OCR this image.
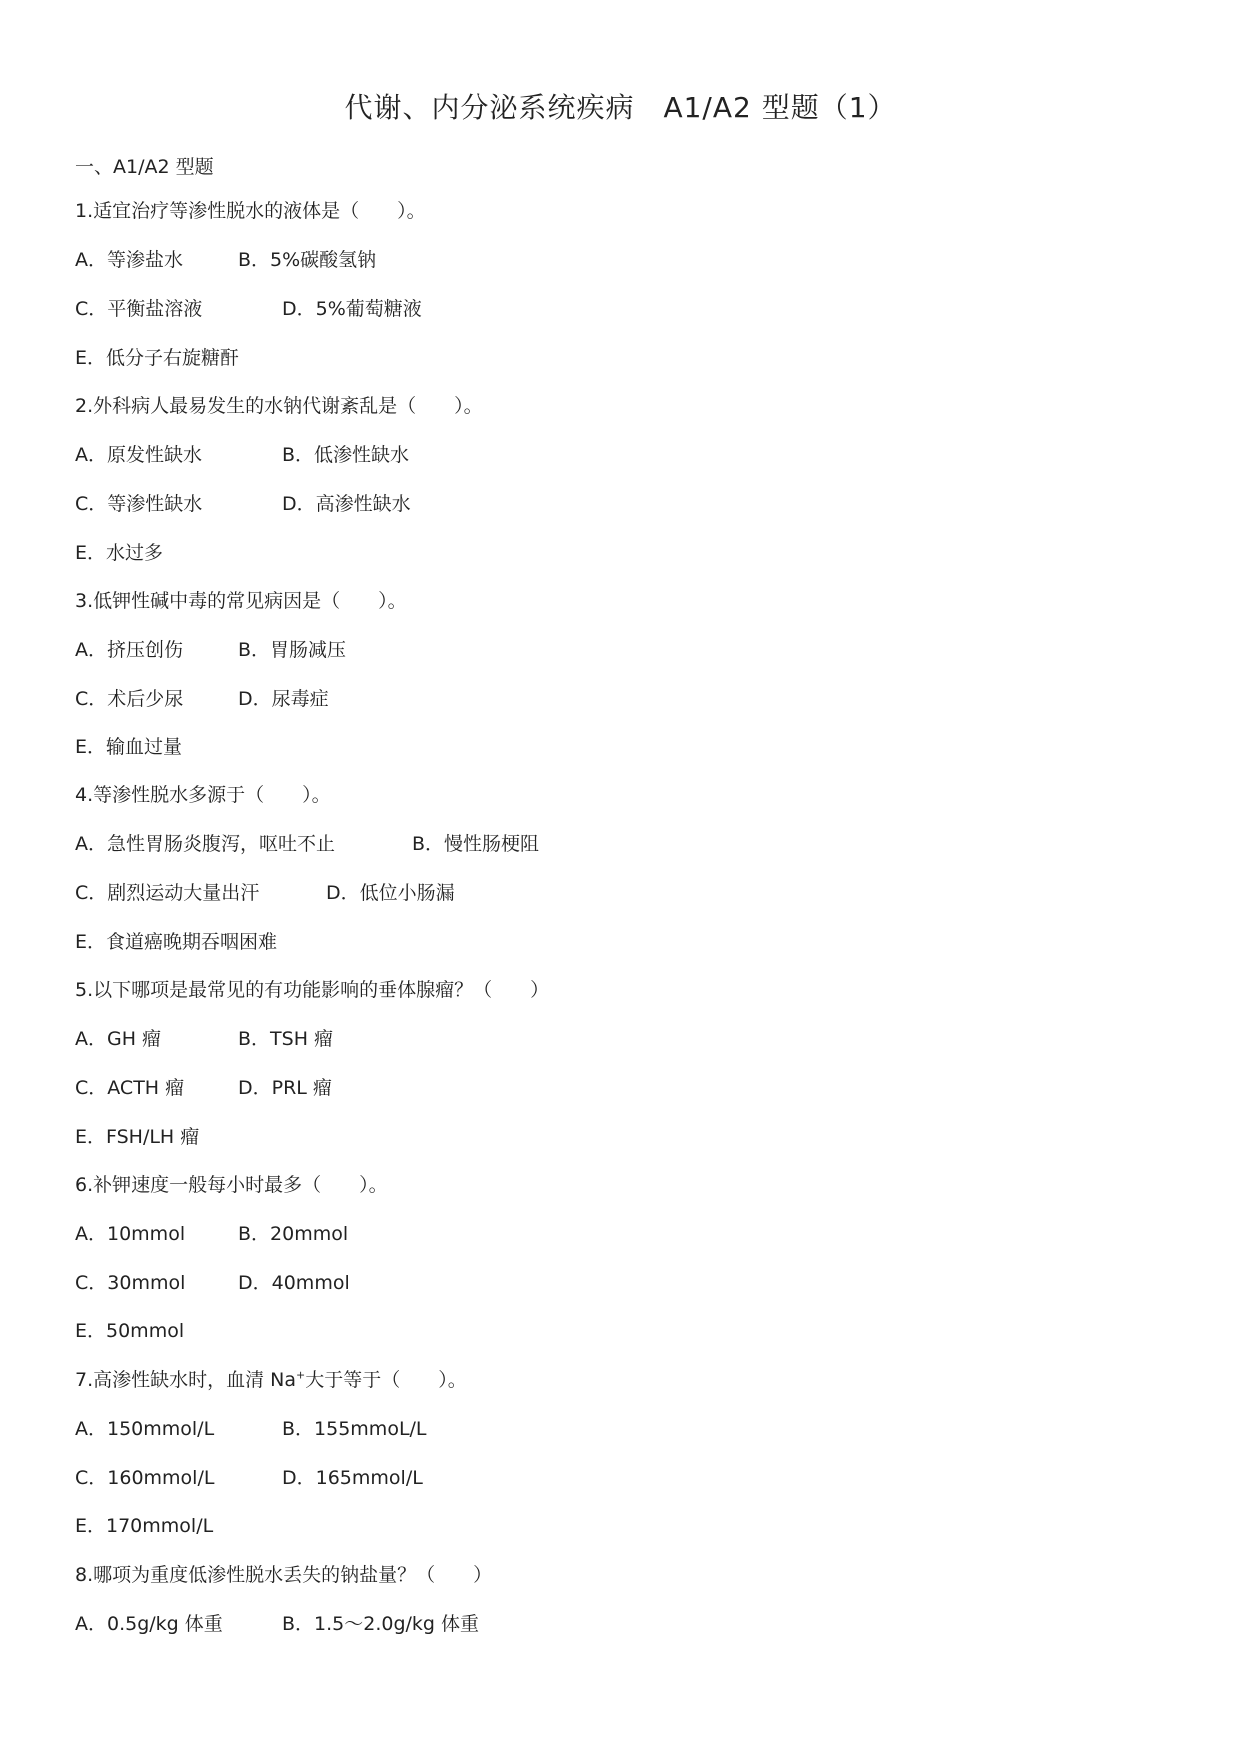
代谢、内分泌系统疾病　A1/A2 型题（1）
一、A1/A2 型题
1.适宜治疗等渗性脱水的液体是（　　）。
A．等渗盐水	B．5%碳酸氢钠
C．平衡盐溶液	D．5%葡萄糖液
E．低分子右旋糖酐
2.外科病人最易发生的水钠代谢紊乱是（　　）。
A．原发性缺水	B．低渗性缺水
C．等渗性缺水	D．高渗性缺水
E．水过多
3.低钾性碱中毒的常见病因是（　　）。
A．挤压创伤	B．胃肠减压
C．术后少尿	D．尿毒症
E．输血过量
4.等渗性脱水多源于（　　）。
A．急性胃肠炎腹泻，呕吐不止	B．慢性肠梗阻
C．剧烈运动大量出汗	D．低位小肠漏
E．食道癌晚期吞咽困难
5.以下哪项是最常见的有功能影响的垂体腺瘤？（　　）
A．GH 瘤	B．TSH 瘤
C．ACTH 瘤	D．PRL 瘤
E．FSH/LH 瘤
6.补钾速度一般每小时最多（　　）。
A．10mmol	B．20mmol
C．30mmol	D．40mmol
E．50mmol
7.高渗性缺水时，血清 Na+大于等于（　　）。
A．150mmol/L	B．155mmoL/L
C．160mmol/L	D．165mmol/L
E．170mmol/L
8.哪项为重度低渗性脱水丢失的钠盐量？（　　）
A．0.5g/kg 体重	B．1.5～2.0g/kg 体重
